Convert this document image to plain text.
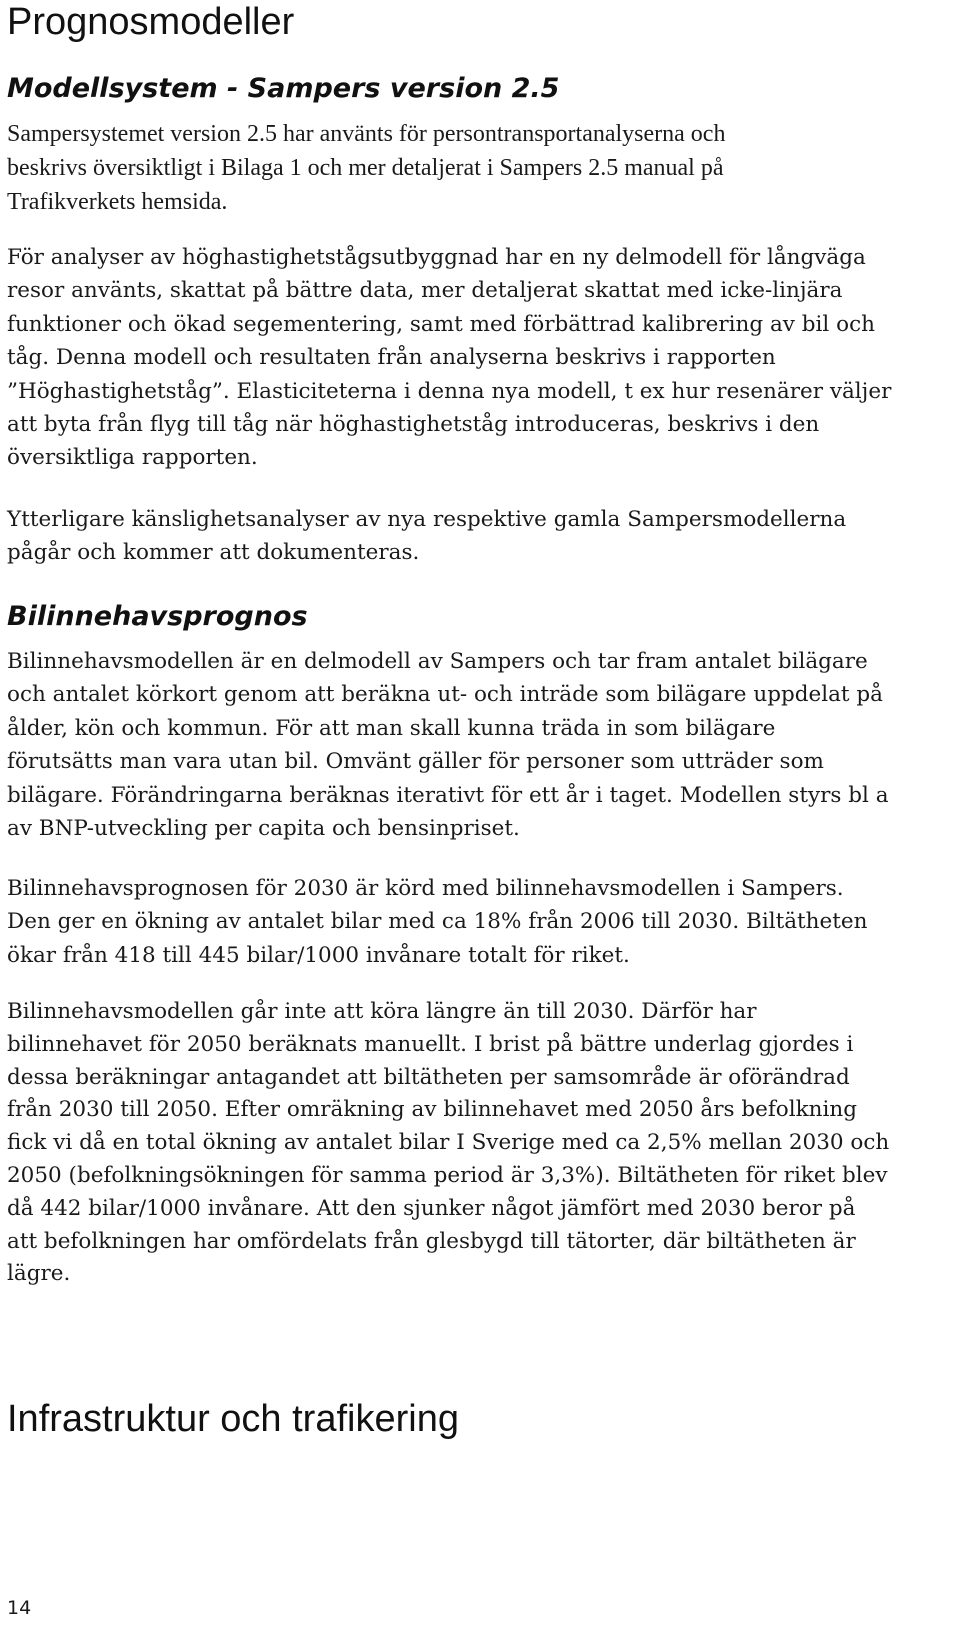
Prognosmodeller
Modellsystem - Sampers version 2.5

Sampersystemet version 2.5 har använts för persontransportanalyserna och
beskrivs översiktligt i Bilaga 1 och mer detaljerat i Sampers 2.5 manual på
Trafikverkets hemsida.

För analyser av höghastighetstågsutbyggnad har en ny delmodell för långväga
resor använts, skattat på bättre data, mer detaljerat skattat med icke-linjära
funktioner och ökad segementering, samt med förbättrad kalibrering av bil och
tåg. Denna modell och resultaten från analyserna beskrivs i rapporten
”Höghastighetståg”. Elasticiteterna i denna nya modell, t ex hur resenärer väljer
att byta från flyg till tåg när höghastighetståg introduceras, beskrivs i den
översiktliga rapporten.

Ytterligare känslighetsanalyser av nya respektive gamla Sampersmodellerna
pågår och kommer att dokumenteras.

Bilinnehavsprognos

Bilinnehavsmodellen är en delmodell av Sampers och tar fram antalet bilägare
och antalet körkort genom att beräkna ut- och inträde som bilägare uppdelat på
ålder, kön och kommun. För att man skall kunna träda in som bilägare
förutsätts man vara utan bil. Omvänt gäller för personer som utträder som
bilägare. Förändringarna beräknas iterativt för ett år i taget. Modellen styrs bl a
av BNP-utveckling per capita och bensinpriset.

Bilinnehavsprognosen för 2030 är körd med bilinnehavsmodellen i Sampers.
Den ger en ökning av antalet bilar med ca 18% från 2006 till 2030. Biltätheten
ökar från 418 till 445 bilar/1000 invånare totalt för riket.

Bilinnehavsmodellen går inte att köra längre än till 2030. Därför har
bilinnehavet för 2050 beräknats manuellt. I brist på bättre underlag gjordes i
dessa beräkningar antagandet att biltätheten per samsområde är oförändrad
från 2030 till 2050. Efter omräkning av bilinnehavet med 2050 års befolkning
fick vi då en total ökning av antalet bilar I Sverige med ca 2,5% mellan 2030 och
2050 (befolkningsökningen för samma period är 3,3%). Biltätheten för riket blev
då 442 bilar/1000 invånare. Att den sjunker något jämfört med 2030 beror på
att befolkningen har omfördelats från glesbygd till tätorter, där biltätheten är
lägre.

Infrastruktur och trafikering
14
